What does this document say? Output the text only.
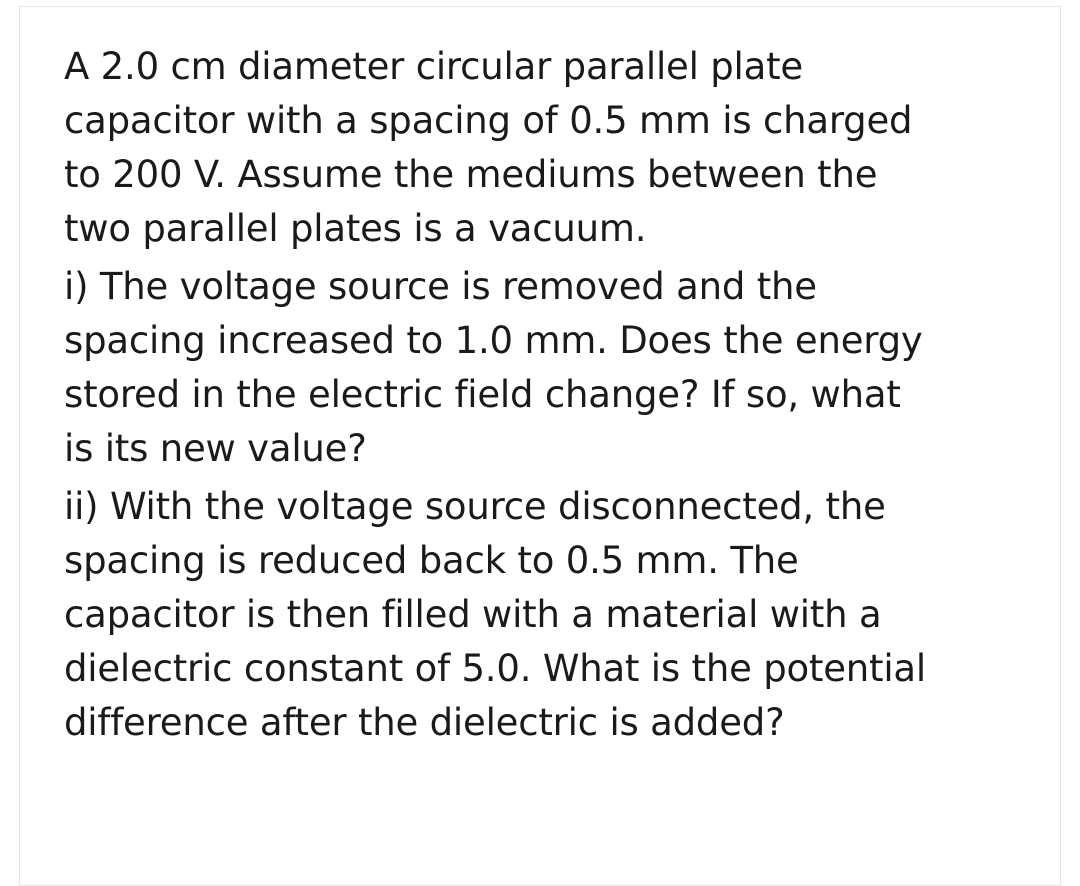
A 2.0 cm diameter circular parallel plate
capacitor with a spacing of 0.5 mm is charged
to 200 V. Assume the mediums between the
two parallel plates is a vacuum.

i) The voltage source is removed and the
spacing increased to 1.0 mm. Does the energy
stored in the electric field change? If so, what
is its new value?

ii) With the voltage source disconnected, the
spacing is reduced back to 0.5 mm. The
capacitor is then filled with a material with a
dielectric constant of 5.0. What is the potential
difference after the dielectric is added?
